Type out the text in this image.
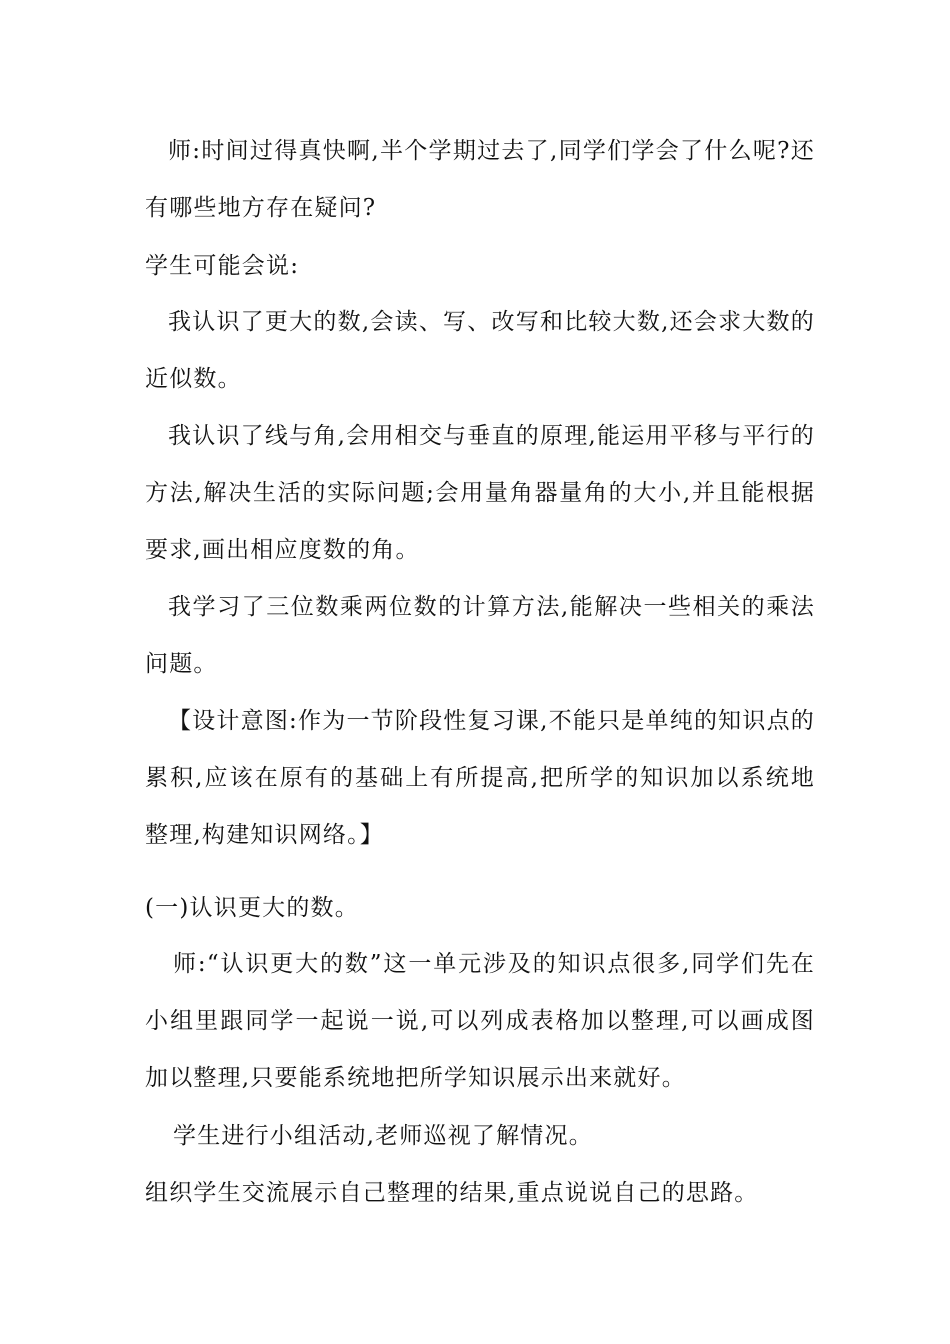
师:时间过得真快啊,半个学期过去了,同学们学会了什么呢?还有哪些地方存在疑问?

学生可能会说:

我认识了更大的数,会读、写、改写和比较大数,还会求大数的近似数。

我认识了线与角,会用相交与垂直的原理,能运用平移与平行的方法,解决生活的实际问题;会用量角器量角的大小,并且能根据要求,画出相应度数的角。

我学习了三位数乘两位数的计算方法,能解决一些相关的乘法问题。

【设计意图:作为一节阶段性复习课,不能只是单纯的知识点的累积,应该在原有的基础上有所提高,把所学的知识加以系统地整理,构建知识网络。】

(一)认识更大的数。

师:“认识更大的数”这一单元涉及的知识点很多,同学们先在小组里跟同学一起说一说,可以列成表格加以整理,可以画成图加以整理,只要能系统地把所学知识展示出来就好。

学生进行小组活动,老师巡视了解情况。

组织学生交流展示自己整理的结果,重点说说自己的思路。
